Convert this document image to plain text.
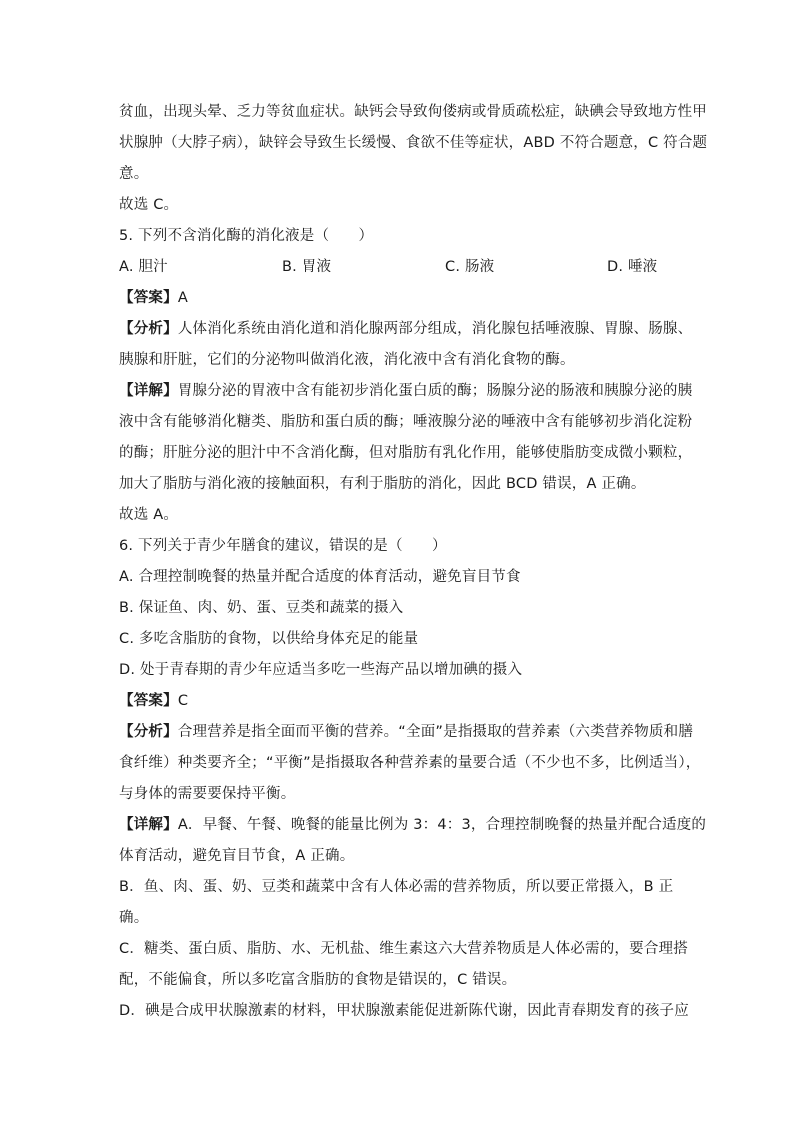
贫血，出现头晕、乏力等贫血症状。缺钙会导致佝偻病或骨质疏松症，缺碘会导致地方性甲
状腺肿（大脖子病），缺锌会导致生长缓慢、食欲不佳等症状，ABD 不符合题意，C 符合题
意。
故选 C。
5. 下列不含消化酶的消化液是（　　）
A. 胆汁	B. 胃液	C. 肠液	D. 唾液
【答案】A
【分析】人体消化系统由消化道和消化腺两部分组成，消化腺包括唾液腺、胃腺、肠腺、
胰腺和肝脏，它们的分泌物叫做消化液，消化液中含有消化食物的酶。
【详解】胃腺分泌的胃液中含有能初步消化蛋白质的酶；肠腺分泌的肠液和胰腺分泌的胰
液中含有能够消化糖类、脂肪和蛋白质的酶；唾液腺分泌的唾液中含有能够初步消化淀粉
的酶；肝脏分泌的胆汁中不含消化酶，但对脂肪有乳化作用，能够使脂肪变成微小颗粒，
加大了脂肪与消化液的接触面积，有利于脂肪的消化，因此 BCD 错误，A 正确。
故选 A。
6. 下列关于青少年膳食的建议，错误的是（　　）
A. 合理控制晚餐的热量并配合适度的体育活动，避免盲目节食
B. 保证鱼、肉、奶、蛋、豆类和蔬菜的摄入
C. 多吃含脂肪的食物，以供给身体充足的能量
D. 处于青春期的青少年应适当多吃一些海产品以增加碘的摄入
【答案】C
【分析】合理营养是指全面而平衡的营养。“全面”是指摄取的营养素（六类营养物质和膳
食纤维）种类要齐全；“平衡”是指摄取各种营养素的量要合适（不少也不多，比例适当），
与身体的需要要保持平衡。
【详解】A．早餐、午餐、晚餐的能量比例为 3：4：3，合理控制晚餐的热量并配合适度的
体育活动，避免盲目节食，A 正确。
B．鱼、肉、蛋、奶、豆类和蔬菜中含有人体必需的营养物质，所以要正常摄入，B 正
确。
C．糖类、蛋白质、脂肪、水、无机盐、维生素这六大营养物质是人体必需的，要合理搭
配，不能偏食，所以多吃富含脂肪的食物是错误的，C 错误。
D．碘是合成甲状腺激素的材料，甲状腺激素能促进新陈代谢，因此青春期发育的孩子应
